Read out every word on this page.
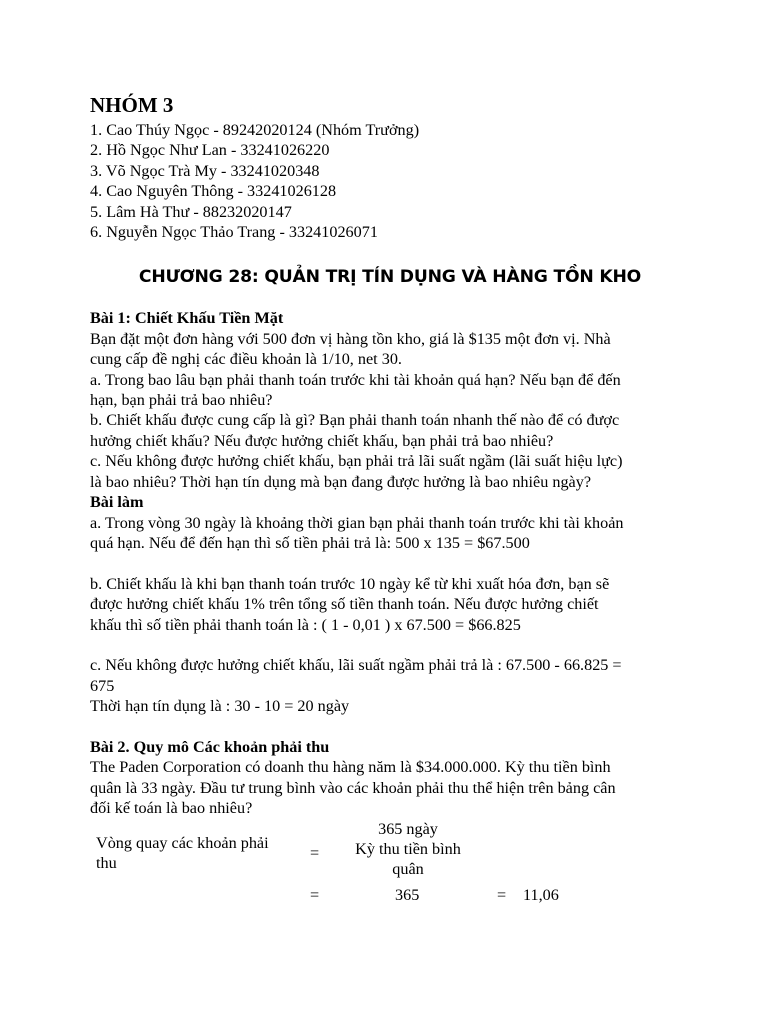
NHÓM 3
1. Cao Thúy Ngọc - 89242020124 (Nhóm Trưởng)
2. Hồ Ngọc Như Lan - 33241026220
3. Võ Ngọc Trà My - 33241020348
4. Cao Nguyên Thông - 33241026128
5. Lâm Hà Thư - 88232020147
6. Nguyễn Ngọc Thảo Trang - 33241026071
CHƯƠNG 28: QUẢN TRỊ TÍN DỤNG VÀ HÀNG TỒN KHO
Bài 1: Chiết Khấu Tiền Mặt
Bạn đặt một đơn hàng với 500 đơn vị hàng tồn kho, giá là $135 một đơn vị. Nhà
cung cấp đề nghị các điều khoản là 1/10, net 30.
a. Trong bao lâu bạn phải thanh toán trước khi tài khoản quá hạn? Nếu bạn để đến
hạn, bạn phải trả bao nhiêu?
b. Chiết khấu được cung cấp là gì? Bạn phải thanh toán nhanh thế nào để có được
hưởng chiết khấu? Nếu được hưởng chiết khấu, bạn phải trả bao nhiêu?
c. Nếu không được hưởng chiết khấu, bạn phải trả lãi suất ngầm (lãi suất hiệu lực)
là bao nhiêu? Thời hạn tín dụng mà bạn đang được hưởng là bao nhiêu ngày?
Bài làm
a. Trong vòng 30 ngày là khoảng thời gian bạn phải thanh toán trước khi tài khoản
quá hạn. Nếu để đến hạn thì số tiền phải trả là: 500 x 135 = $67.500
b. Chiết khấu là khi bạn thanh toán trước 10 ngày kể từ khi xuất hóa đơn, bạn sẽ
được hưởng chiết khấu 1% trên tổng số tiền thanh toán. Nếu được hưởng chiết
khấu thì số tiền phải thanh toán là : ( 1 - 0,01 ) x 67.500 = $66.825
c. Nếu không được hưởng chiết khấu, lãi suất ngầm phải trả là : 67.500 - 66.825 =
675
Thời hạn tín dụng là : 30 - 10 = 20 ngày
Bài 2. Quy mô Các khoản phải thu
The Paden Corporation có doanh thu hàng năm là $34.000.000. Kỳ thu tiền bình
quân là 33 ngày. Đầu tư trung bình vào các khoản phải thu thể hiện trên bảng cân
đối kế toán là bao nhiêu?
Vòng quay các khoản phải
thu
=
365 ngày
Kỳ thu tiền bình
quân
=	365	= 11,06
